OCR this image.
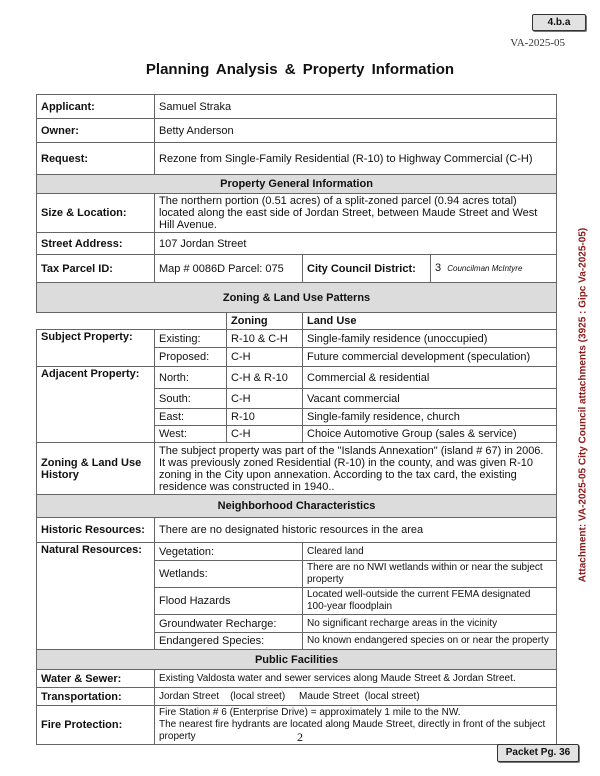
4.b.a
VA-2025-05
Planning Analysis & Property Information
Attachment: VA-2025-05 City Council attachments (3925 : Gipc Va-2025-05)
Applicant:	Samuel Straka			
Owner:	Betty Anderson			
Request:	Rezone from Single-Family Residential (R-10) to Highway Commercial (C-H)			
Property General Information				
Size & Location:	The northern portion (0.51 acres) of a split-zoned parcel (0.94 acres total) located along the east side of Jordan Street, between Maude Street and West Hill Avenue.			
Street Address:	107 Jordan Street			
Tax Parcel ID:	Map # 0086D Parcel: 075		City Council District:	3 Councilman McIntyre
Zoning & Land Use Patterns				
		Zoning	Land Use	
Subject Property:	Existing:	R-10 & C-H	Single-family residence (unoccupied)	
	Proposed:	C-H	Future commercial development (speculation)	
Adjacent Property:	North:	C-H & R-10	Commercial & residential	
	South:	C-H	Vacant commercial	
	East:	R-10	Single-family residence, church	
	West:	C-H	Choice Automotive Group (sales & service)	
Zoning & Land Use History	The subject property was part of the "Islands Annexation" (island # 67) in 2006. It was previously zoned Residential (R-10) in the county, and was given R-10 zoning in the City upon annexation. According to the tax card, the existing residence was constructed in 1940..			
Neighborhood Characteristics				
Historic Resources:	There are no designated historic resources in the area			
Natural Resources:	Vegetation:		Cleared land	
	Wetlands:		There are no NWI wetlands within or near the subject property	
	Flood Hazards		Located well-outside the current FEMA designated 100-year floodplain	
	Groundwater Recharge:		No significant recharge areas in the vicinity	
	Endangered Species:		No known endangered species on or near the property	
Public Facilities				
Water & Sewer:	Existing Valdosta water and sewer services along Maude Street & Jordan Street.			
Transportation:	Jordan Street    (local street)     Maude Street  (local street)			
Fire Protection:	Fire Station # 6 (Enterprise Drive) = approximately 1 mile to the NW.
The nearest fire hydrants are located along Maude Street, directly in front of the subject property				2
Packet Pg. 36
